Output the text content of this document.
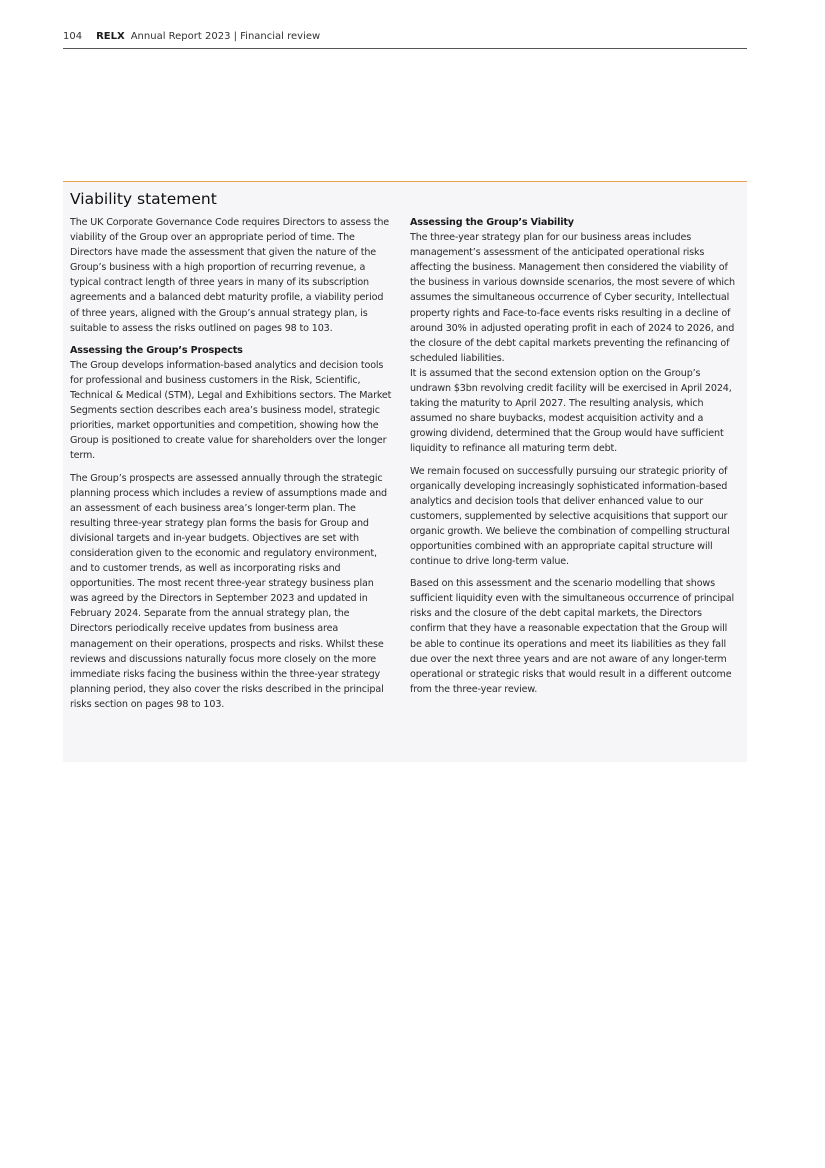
104 RELX Annual Report 2023 | Financial review
Viability statement

The UK Corporate Governance Code requires Directors to assess the viability of the Group over an appropriate period of time. The Directors have made the assessment that given the nature of the Group’s business with a high proportion of recurring revenue, a typical contract length of three years in many of its subscription agreements and a balanced debt maturity profile, a viability period of three years, aligned with the Group’s annual strategy plan, is suitable to assess the risks outlined on pages 98 to 103.

Assessing the Group’s Prospects

The Group develops information-based analytics and decision tools for professional and business customers in the Risk, Scientific, Technical & Medical (STM), Legal and Exhibitions sectors. The Market Segments section describes each area’s business model, strategic priorities, market opportunities and competition, showing how the Group is positioned to create value for shareholders over the longer term.

The Group’s prospects are assessed annually through the strategic planning process which includes a review of assumptions made and an assessment of each business area’s longer-term plan. The resulting three-year strategy plan forms the basis for Group and divisional targets and in-year budgets. Objectives are set with consideration given to the economic and regulatory environment, and to customer trends, as well as incorporating risks and opportunities. The most recent three-year strategy business plan was agreed by the Directors in September 2023 and updated in February 2024. Separate from the annual strategy plan, the Directors periodically receive updates from business area management on their operations, prospects and risks. Whilst these reviews and discussions naturally focus more closely on the more immediate risks facing the business within the three-year strategy planning period, they also cover the risks described in the principal risks section on pages 98 to 103.

Assessing the Group’s Viability

The three-year strategy plan for our business areas includes management’s assessment of the anticipated operational risks affecting the business. Management then considered the viability of the business in various downside scenarios, the most severe of which assumes the simultaneous occurrence of Cyber security, Intellectual property rights and Face-to-face events risks resulting in a decline of around 30% in adjusted operating profit in each of 2024 to 2026, and the closure of the debt capital markets preventing the refinancing of scheduled liabilities.

It is assumed that the second extension option on the Group’s undrawn $3bn revolving credit facility will be exercised in April 2024, taking the maturity to April 2027. The resulting analysis, which assumed no share buybacks, modest acquisition activity and a growing dividend, determined that the Group would have sufficient liquidity to refinance all maturing term debt.

We remain focused on successfully pursuing our strategic priority of organically developing increasingly sophisticated information-based analytics and decision tools that deliver enhanced value to our customers, supplemented by selective acquisitions that support our organic growth. We believe the combination of compelling structural opportunities combined with an appropriate capital structure will continue to drive long-term value.

Based on this assessment and the scenario modelling that shows sufficient liquidity even with the simultaneous occurrence of principal risks and the closure of the debt capital markets, the Directors confirm that they have a reasonable expectation that the Group will be able to continue its operations and meet its liabilities as they fall due over the next three years and are not aware of any longer-term operational or strategic risks that would result in a different outcome from the three-year review.
